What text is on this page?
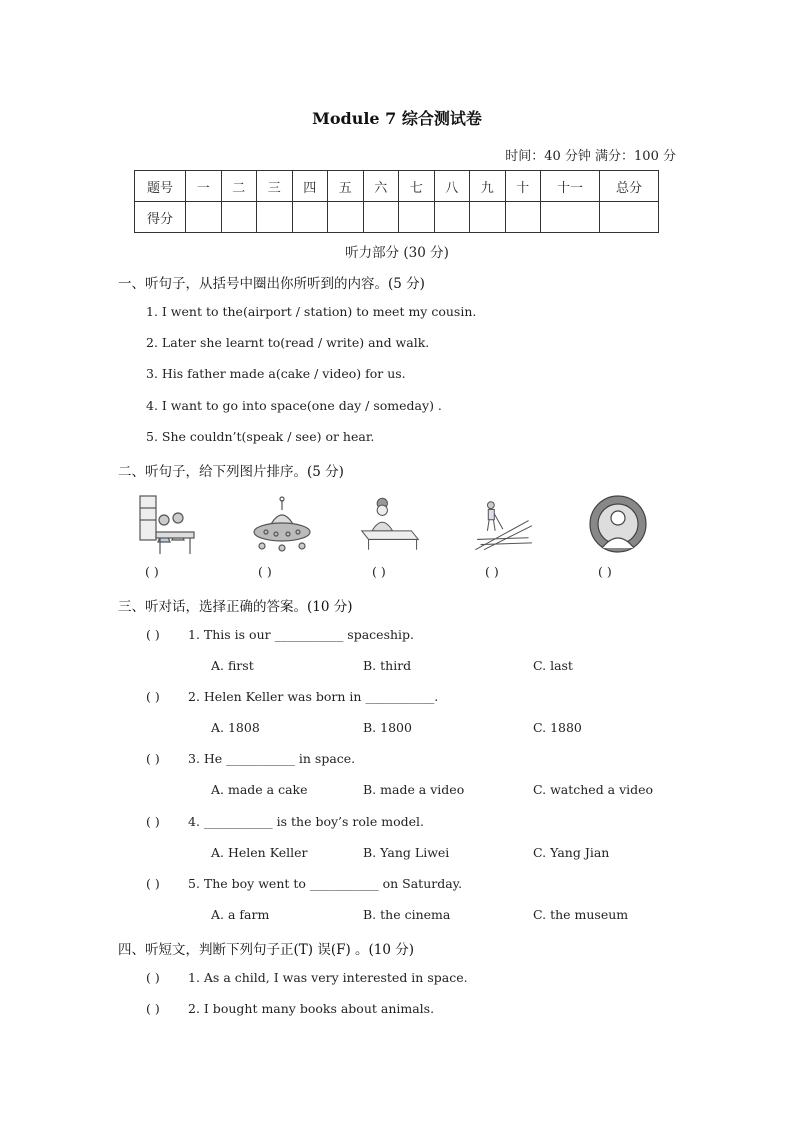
Module 7 综合测试卷
时间：40 分钟 满分：100 分
题号	一	二	三	四	五	六	七	八	九	十	十一	总分
得分												
听力部分 (30 分)
一、听句子，从括号中圈出你所听到的内容。(5 分)
1. I went to the(airport / station) to meet my cousin.
2. Later she learnt to(read / write) and walk.
3. His father made a(cake / video) for us.
4. I want to go into space(one day / someday) .
5. She couldn’t(speak / see) or hear.
二、听句子，给下列图片排序。(5 分)
( )	( )	( )	( )	( )
三、听对话，选择正确的答案。(10 分)
( ) 1. This is our ___________ spaceship.
A. first	B. third	C. last
( ) 2. Helen Keller was born in ___________.
A. 1808	B. 1800	C. 1880
( ) 3. He ___________ in space.
A. made a cake	B. made a video	C. watched a video
( ) 4. ___________ is the boy’s role model.
A. Helen Keller	B. Yang Liwei	C. Yang Jian
( ) 5. The boy went to ___________ on Saturday.
A. a farm	B. the cinema	C. the museum
四、听短文，判断下列句子正(T) 误(F) 。(10 分)
( ) 1. As a child, I was very interested in space.
( ) 2. I bought many books about animals.
